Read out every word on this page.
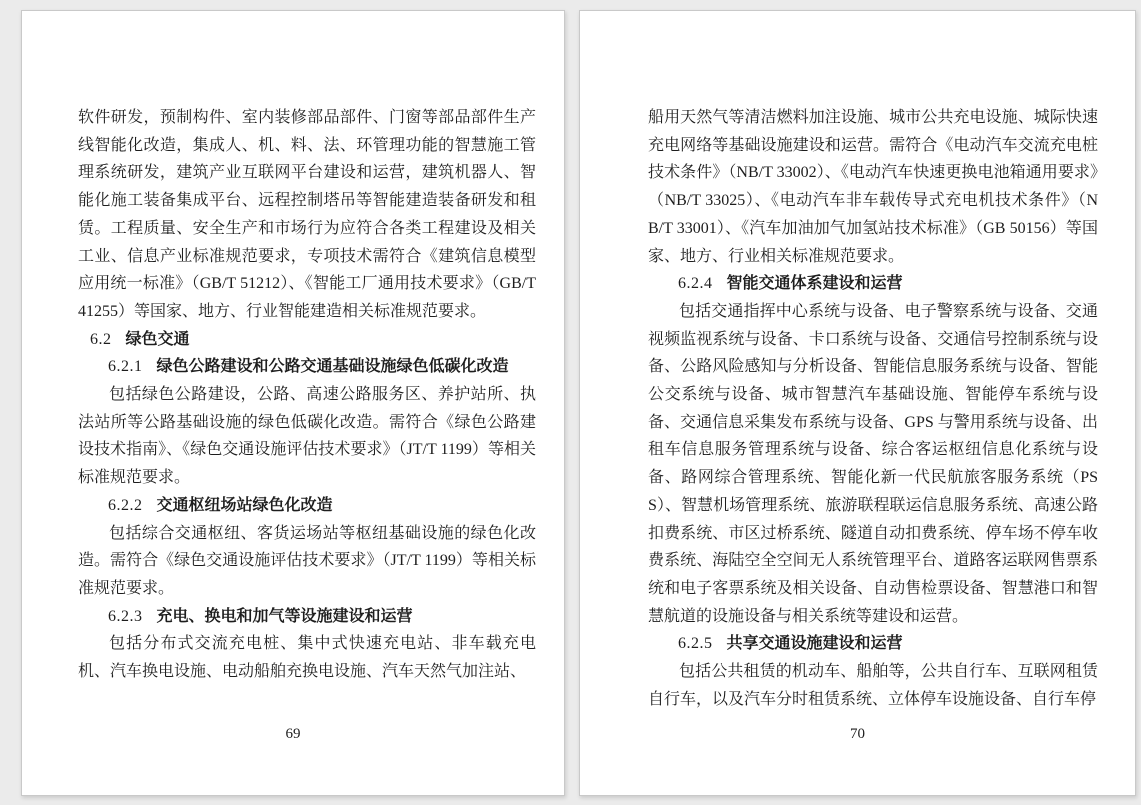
软件研发，预制构件、室内装修部品部件、门窗等部品部件生产线智能化改造，集成人、机、料、法、环管理功能的智慧施工管理系统研发，建筑产业互联网平台建设和运营，建筑机器人、智能化施工装备集成平台、远程控制塔吊等智能建造装备研发和租赁。工程质量、安全生产和市场行为应符合各类工程建设及相关工业、信息产业标准规范要求，专项技术需符合《建筑信息模型应用统一标准》（GB/T 51212）、《智能工厂通用技术要求》（GB/T 41255）等国家、地方、行业智能建造相关标准规范要求。

6.2 绿色交通

6.2.1 绿色公路建设和公路交通基础设施绿色低碳化改造

包括绿色公路建设，公路、高速公路服务区、养护站所、执法站所等公路基础设施的绿色低碳化改造。需符合《绿色公路建设技术指南》、《绿色交通设施评估技术要求》（JT/T 1199）等相关标准规范要求。

6.2.2 交通枢纽场站绿色化改造

包括综合交通枢纽、客货运场站等枢纽基础设施的绿色化改造。需符合《绿色交通设施评估技术要求》（JT/T 1199）等相关标准规范要求。

6.2.3 充电、换电和加气等设施建设和运营

包括分布式交流充电桩、集中式快速充电站、非车载充电机、汽车换电设施、电动船舶充换电设施、汽车天然气加注站、

69

船用天然气等清洁燃料加注设施、城市公共充电设施、城际快速充电网络等基础设施建设和运营。需符合《电动汽车交流充电桩技术条件》（NB/T 33002）、《电动汽车快速更换电池箱通用要求》（NB/T 33025）、《电动汽车非车载传导式充电机技术条件》（NB/T 33001）、《汽车加油加气加氢站技术标准》（GB 50156）等国家、地方、行业相关标准规范要求。

6.2.4 智能交通体系建设和运营

包括交通指挥中心系统与设备、电子警察系统与设备、交通视频监视系统与设备、卡口系统与设备、交通信号控制系统与设备、公路风险感知与分析设备、智能信息服务系统与设备、智能公交系统与设备、城市智慧汽车基础设施、智能停车系统与设备、交通信息采集发布系统与设备、GPS 与警用系统与设备、出租车信息服务管理系统与设备、综合客运枢纽信息化系统与设备、路网综合管理系统、智能化新一代民航旅客服务系统（PSS）、智慧机场管理系统、旅游联程联运信息服务系统、高速公路扣费系统、市区过桥系统、隧道自动扣费系统、停车场不停车收费系统、海陆空全空间无人系统管理平台、道路客运联网售票系统和电子客票系统及相关设备、自动售检票设备、智慧港口和智慧航道的设施设备与相关系统等建设和运营。

6.2.5 共享交通设施建设和运营

包括公共租赁的机动车、船舶等，公共自行车、互联网租赁自行车，以及汽车分时租赁系统、立体停车设施设备、自行车停

70
